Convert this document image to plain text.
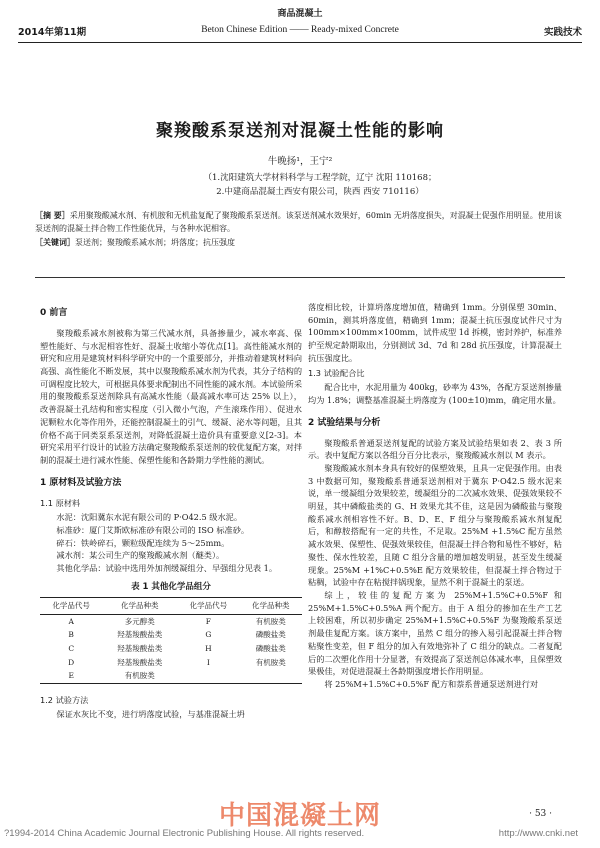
商品混凝土
Beton Chinese Edition —— Ready-mixed Concrete
2014年第11期	实践技术
聚羧酸系泵送剂对混凝土性能的影响
牛晚扬¹，王宁²
（1.沈阳建筑大学材料科学与工程学院，辽宁 沈阳 110168；
2.中建商品混凝土西安有限公司，陕西 西安 710116）

［摘 要］采用聚羧酸减水剂、有机胺和无机盐复配了聚羧酸系泵送剂。该泵送剂减水效果好，60min 无坍落度损失，对混凝土促强作用明显。使用该泵送剂的混凝土拌合物工作性能优异，与各种水泥相容。

［关键词］泵送剂；聚羧酸系减水剂；坍落度；抗压强度

0 前言

聚羧酸系减水剂被称为第三代减水剂，具备掺量少，减水率高、保塑性能好、与水泥相容性好、混凝土收缩小等优点[1]。高性能减水剂的研究和应用是建筑材料科学研究中的一个重要部分，并推动着建筑材料向高强、高性能化不断发展，其中以聚羧酸系减水剂为代表，其分子结构的可调程度比较大，可根据具体要求配制出不同性能的减水剂。本试验所采用的聚羧酸系泵送剂除具有高减水性能（最高减水率可达 25% 以上），改善混凝土孔结构和密实程度（引入微小气泡，产生滚珠作用）、促进水泥颗粒水化等作用外，还能控制混凝土的引气、缓凝、泌水等问题，且其价格不高于同类泵系泵送剂，对降低混凝土造价具有重要意义[2-3]。本研究采用平行设计的试验方法确定聚羧酸系泵送剂的较优复配方案，对拌制的混凝土进行减水性能、保塑性能和各龄期力学性能的测试。

1 原材料及试验方法
1.1 原材料

水泥：沈阳冀东水泥有限公司的 P·O42.5 级水泥。

标准砂：厦门艾斯欧标准砂有限公司的 ISO 标准砂。

碎石：铁岭碎石，颗粒级配连续为 5～25mm。

减水剂：某公司生产的聚羧酸减水剂（醚类）。

其他化学品：试验中选用外加剂缓凝组分、早强组分见表 1。

表 1 其他化学品组分
化学品代号	化学品种类	化学品代号	化学品种类
A	多元醇类	F	有机胺类
B	羟基羧酸盐类	G	磷酸盐类
C	羟基羧酸盐类	H	磷酸盐类
D	羟基羧酸盐类	I	有机胺类
E	有机胺类		
1.2 试验方法

保证水灰比不变，进行坍落度试验，与基准混凝土坍

落度相比较，计算坍落度增加值，精确到 1mm。分别保塑 30min、60min，测其坍落度值，精确到 1mm；混凝土抗压强度试件尺寸为 100mm×100mm×100mm，试件成型 1d 拆模，密封养护，标准养护至规定龄期取出，分别测试 3d、7d 和 28d 抗压强度，计算混凝土抗压强度比。

1.3 试验配合比

配合比中，水泥用量为 400kg，砂率为 43%，各配方泵送剂掺量均为 1.8%；调整基准混凝土坍落度为 (100±10)mm，确定用水量。

2 试验结果与分析

聚羧酸系普通泵送剂复配的试验方案及试验结果如表 2、表 3 所示。表中复配方案以各组分百分比表示，聚羧酸减水剂以 M 表示。

聚羧酸减水剂本身具有较好的保塑效果，且具一定促强作用。由表 3 中数据可知，聚羧酸系普通泵送剂相对于冀东 P·O42.5 级水泥来说，单一缓凝组分效果较差，缓凝组分的二次减水效果、促强效果较不明显，其中磷酸盐类的 G、H 效果尤其不佳，这是因为磷酸盐与聚羧酸系减水剂相容性不好。B、D、E、F 组分与聚羧酸系减水剂复配后，和醇胺搭配有一定的共性，不足取。25%M +1.5%C 配方虽然减水效果、保塑性、促强效果较佳，但混凝土拌合物和易性不够好，粘聚性、保水性较差，且随 C 组分含量的增加越发明显，甚至发生缓凝现象。25%M +1%C+0.5%E 配方效果较佳，但混凝土拌合物过于粘稠，试验中存在粘搅拌锅现象，显然不利于混凝土的泵送。

综上，较佳的复配方案为 25%M+1.5%C+0.5%F 和 25%M+1.5%C+0.5%A 两个配方。由于 A 组分的掺加在生产工艺上较困难，所以初步确定 25%M+1.5%C+0.5%F 为聚羧酸系泵送剂最佳复配方案。该方案中，虽然 C 组分的掺入易引起混凝土拌合物粘聚性变差，但 F 组分的加入有效地弥补了 C 组分的缺点。二者复配后的二次塑化作用十分显著，有效提高了泵送剂总体减水率，且保塑效果极佳，对促进混凝土各龄期强度增长作用明显。

将 25%M+1.5%C+0.5%F 配方和萘系普通泵送剂进行对

· 53 ·
中国混凝土网
?1994-2014 China Academic Journal Electronic Publishing House. All rights reserved.	http://www.cnki.net
